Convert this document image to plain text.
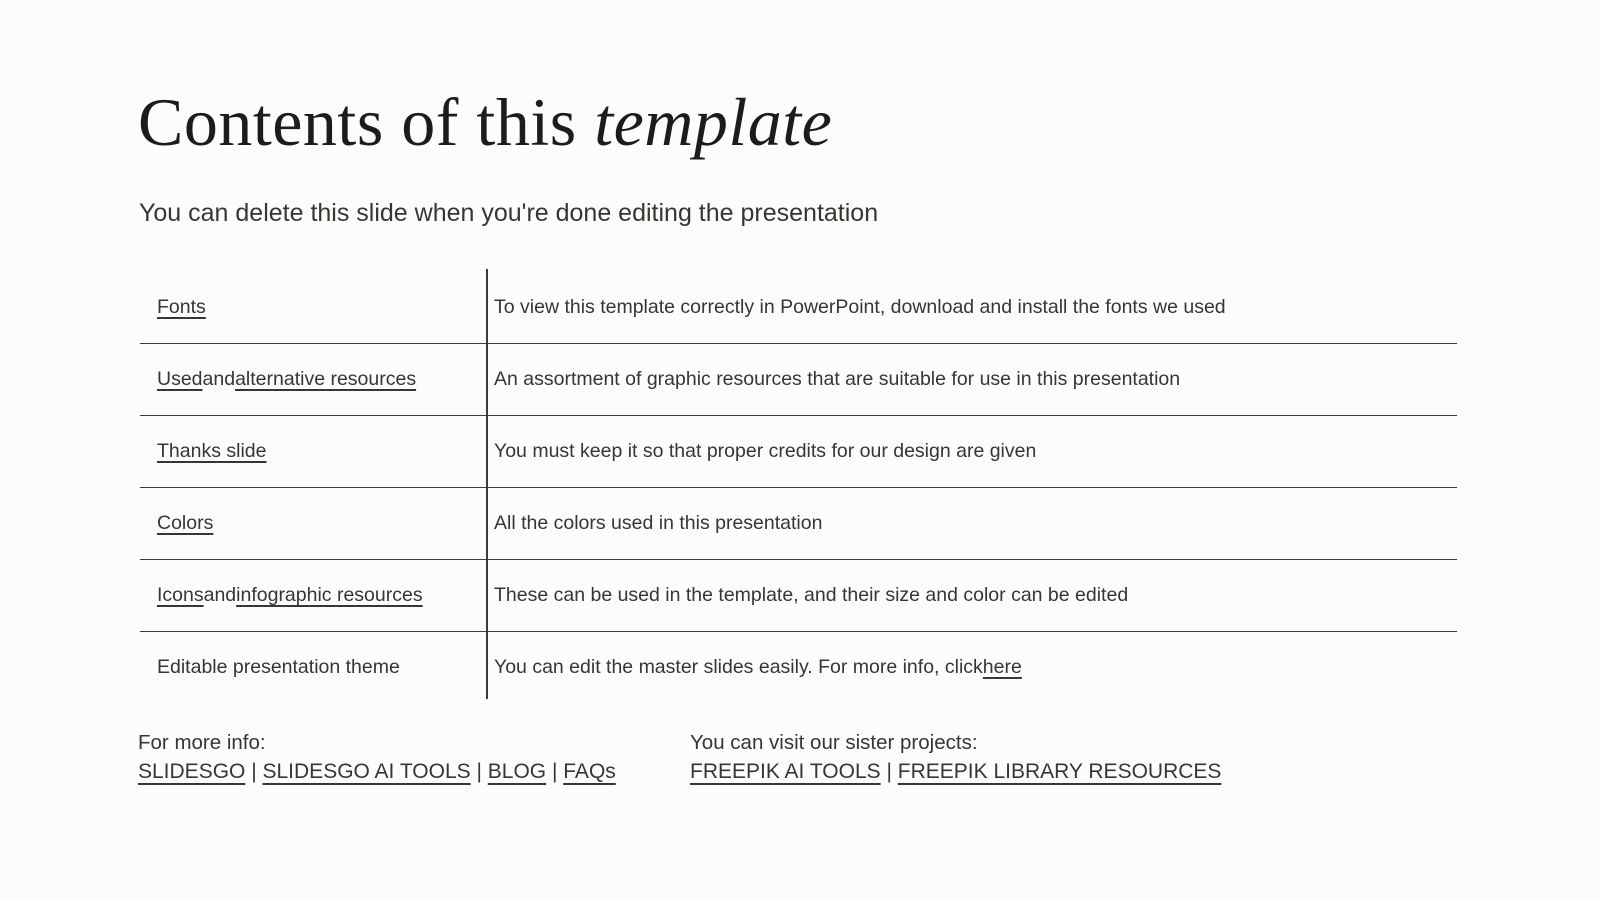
Contents of this template

You can delete this slide when you're done editing the presentation

Fonts	To view this template correctly in PowerPoint, download and install the fonts we used
Used and alternative resources	An assortment of graphic resources that are suitable for use in this presentation
Thanks slide	You must keep it so that proper credits for our design are given
Colors	All the colors used in this presentation
Icons and infographic resources	These can be used in the template, and their size and color can be edited
Editable presentation theme	You can edit the master slides easily. For more info, click here
For more info:
SLIDESGO | SLIDESGO AI TOOLS | BLOG | FAQs
You can visit our sister projects:
FREEPIK AI TOOLS | FREEPIK LIBRARY RESOURCES
